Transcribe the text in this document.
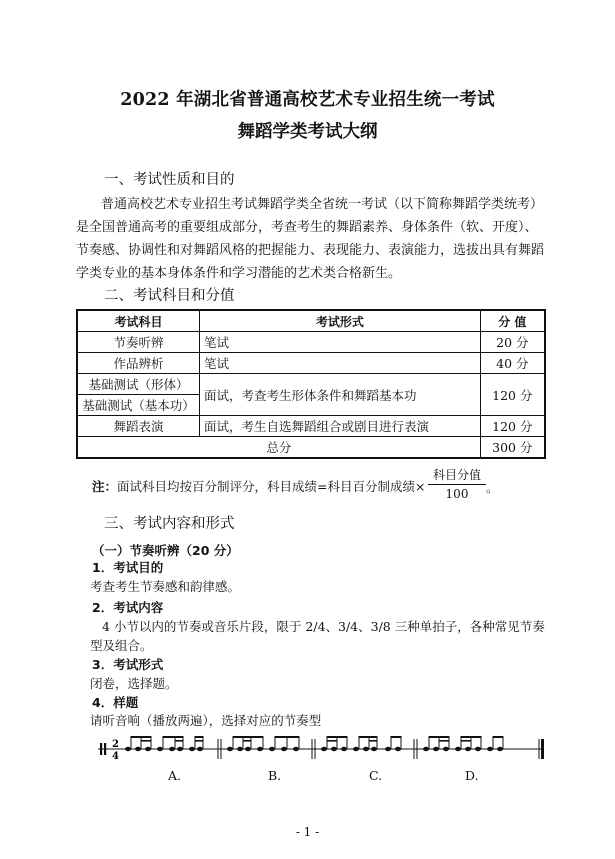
2022 年湖北省普通高校艺术专业招生统一考试
舞蹈学类考试大纲
一、考试性质和目的

普通高校艺术专业招生考试舞蹈学类全省统一考试（以下简称舞蹈学类统考）

是全国普通高考的重要组成部分，考查考生的舞蹈素养、身体条件（软、开度）、

节奏感、协调性和对舞蹈风格的把握能力、表现能力、表演能力，选拔出具有舞蹈

学类专业的基本身体条件和学习潜能的艺术类合格新生。

二、考试科目和分值
考试科目	考试形式	分 值
节奏听辨	笔试	20 分
作品辨析	笔试	40 分
基础测试（形体）	面试，考查考生形体条件和舞蹈基本功	120 分
基础测试（基本功）		
舞蹈表演	面试，考生自选舞蹈组合或剧目进行表演	120 分
总分		300 分
注：面试科目均按百分制评分，科目成绩=科目百分制成绩×
科目分值
100	。
三、考试内容和形式
（一）节奏听辨（20 分）
1．考试目的
考查考生节奏感和韵律感。
2．考试内容
4 小节以内的节奏或音乐片段，限于 2/4、3/4、3/8 三种单拍子，各种常见节奏
型及组合。
3．考试形式
闭卷，选择题。
4．样题
请听音响（播放两遍），选择对应的节奏型
2
4
A.	B.	C.	D.
- 1 -
